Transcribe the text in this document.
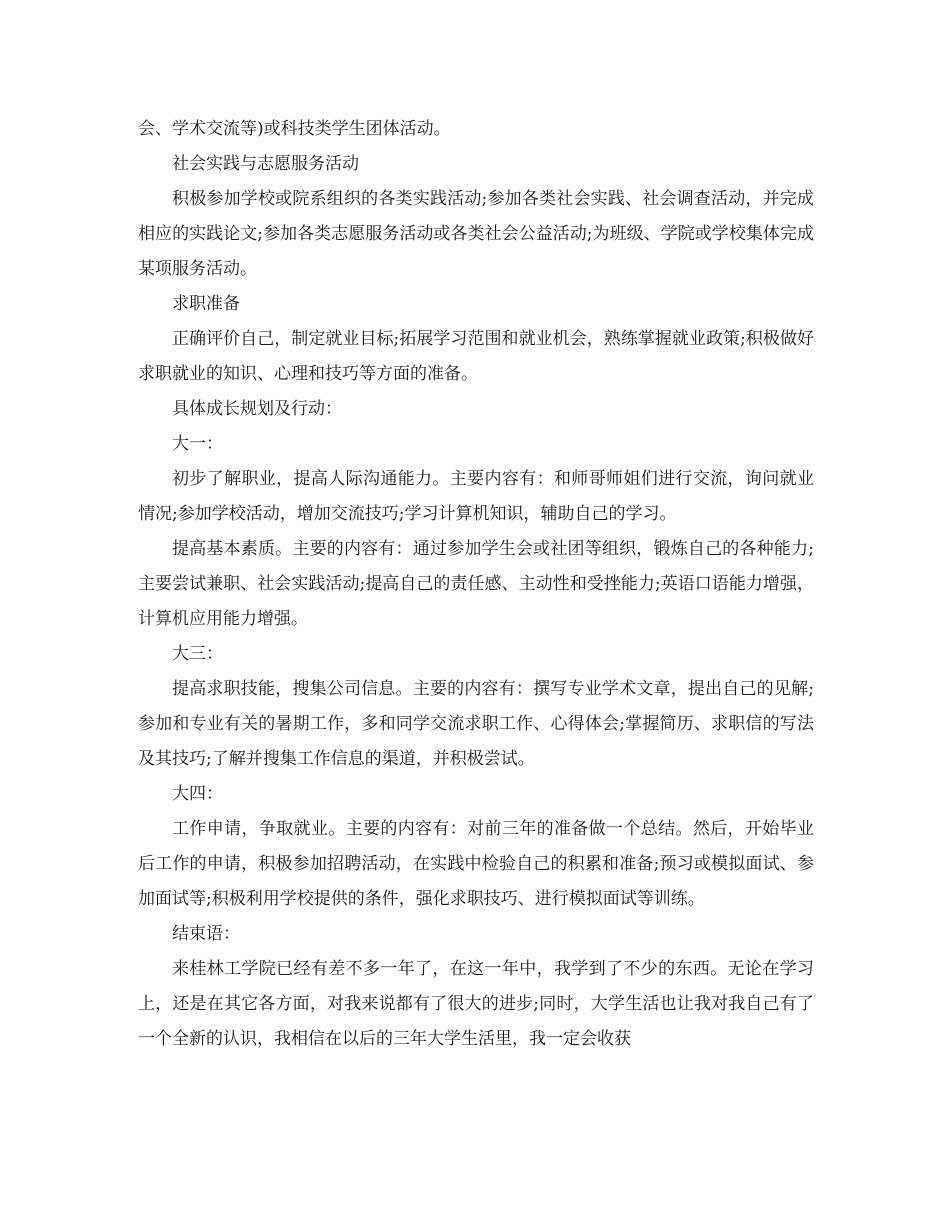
会、学术交流等)或科技类学生团体活动。

社会实践与志愿服务活动

积极参加学校或院系组织的各类实践活动;参加各类社会实践、社会调查活动，并完成相应的实践论文;参加各类志愿服务活动或各类社会公益活动;为班级、学院或学校集体完成某项服务活动。

求职准备

正确评价自己，制定就业目标;拓展学习范围和就业机会，熟练掌握就业政策;积极做好求职就业的知识、心理和技巧等方面的准备。

具体成长规划及行动：

大一：

初步了解职业，提高人际沟通能力。主要内容有：和师哥师姐们进行交流，询问就业情况;参加学校活动，增加交流技巧;学习计算机知识，辅助自己的学习。

提高基本素质。主要的内容有：通过参加学生会或社团等组织，锻炼自己的各种能力;主要尝试兼职、社会实践活动;提高自己的责任感、主动性和受挫能力;英语口语能力增强，计算机应用能力增强。

大三：

提高求职技能，搜集公司信息。主要的内容有：撰写专业学术文章，提出自己的见解;参加和专业有关的暑期工作，多和同学交流求职工作、心得体会;掌握简历、求职信的写法及其技巧;了解并搜集工作信息的渠道，并积极尝试。

大四：

工作申请，争取就业。主要的内容有：对前三年的准备做一个总结。然后，开始毕业后工作的申请，积极参加招聘活动，在实践中检验自己的积累和准备;预习或模拟面试、参加面试等;积极利用学校提供的条件，强化求职技巧、进行模拟面试等训练。

结束语：

来桂林工学院已经有差不多一年了，在这一年中，我学到了不少的东西。无论在学习上，还是在其它各方面，对我来说都有了很大的进步;同时，大学生活也让我对我自己有了一个全新的认识，我相信在以后的三年大学生活里，我一定会收获
